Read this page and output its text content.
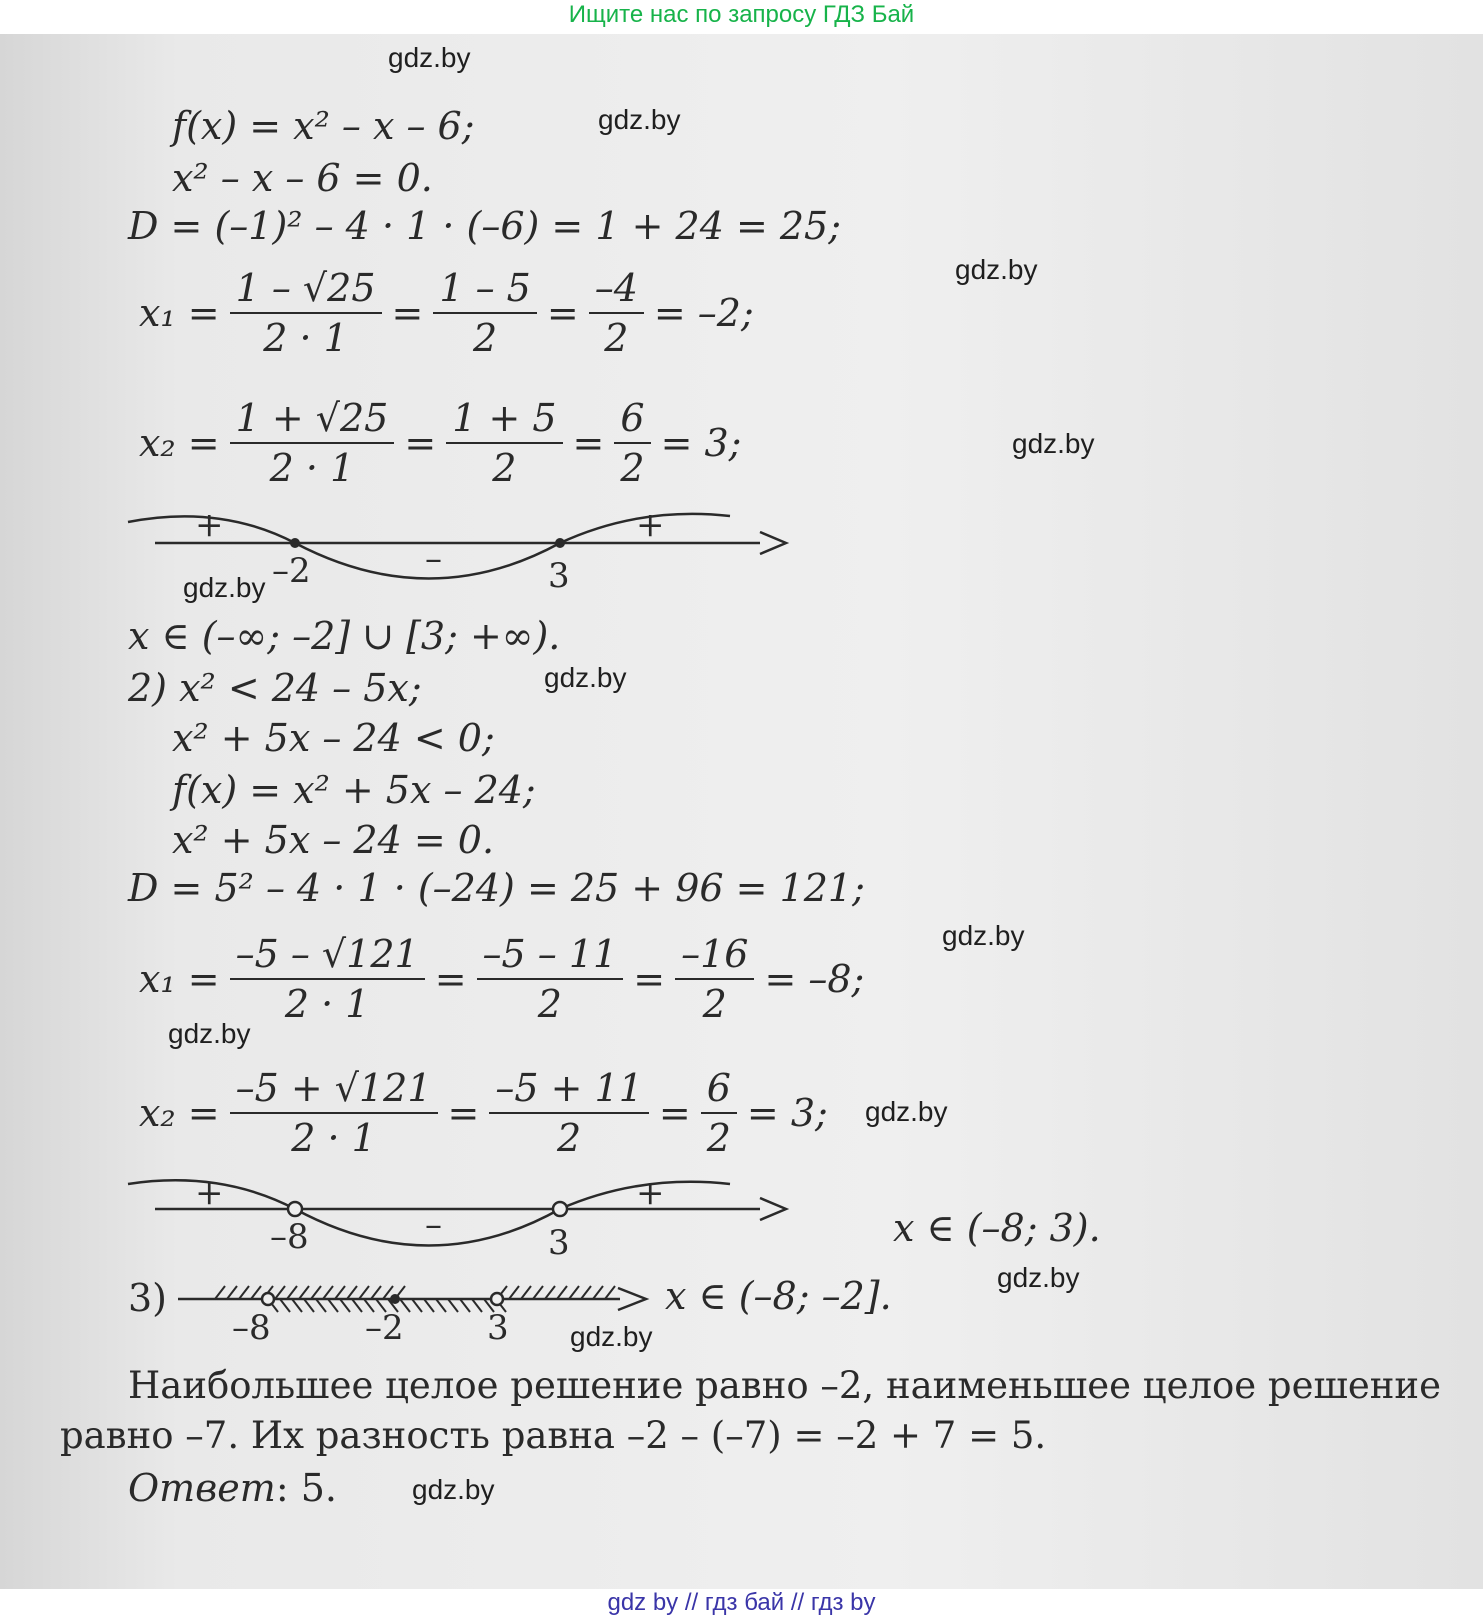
Ищите нас по запросу ГДЗ Бай
gdz.by
gdz.by
gdz.by
gdz.by
gdz.by
gdz.by
gdz.by
gdz.by
gdz.by
gdz.by
gdz.by
gdz.by
f(x) = x² – x – 6;
x² – x – 6 = 0.
D = (–1)² – 4 · 1 · (–6) = 1 + 24 = 25;
$x_1 = \frac{1 - √25}{2 \cdot 1} = \frac{1 - 5}{2} = \frac{-4}{2} = -2$;
$x_2 = \frac{1 + √25}{2 \cdot 1} = \frac{1 + 5}{2} = \frac{6}{2} = 3$;
–2	3
+
–
+
x ∈ (–∞; –2] ∪ [3; +∞).
2) x² < 24 – 5x;
x² + 5x – 24 < 0;
f(x) = x² + 5x – 24;
x² + 5x – 24 = 0.
D = 5² – 4 · 1 · (–24) = 25 + 96 = 121;
$x_1 = \frac{-5 - √121}{2 \cdot 1} = \frac{-5 - 11}{2} = \frac{-16}{2} = -8$;
$x_2 = \frac{-5 + √121}{2 \cdot 1} = \frac{-5 + 11}{2} = \frac{6}{2} = 3$;
–8	3
+
–
+
x ∈ (–8; 3).
3)
–8	–2 3
x ∈ (–8; –2].
Наибольшее целое решение равно –2, наименьшее целое решение
равно –7. Их разность равна –2 – (–7) = –2 + 7 = 5.
Ответ: 5.
gdz by // гдз бай // гдз by
